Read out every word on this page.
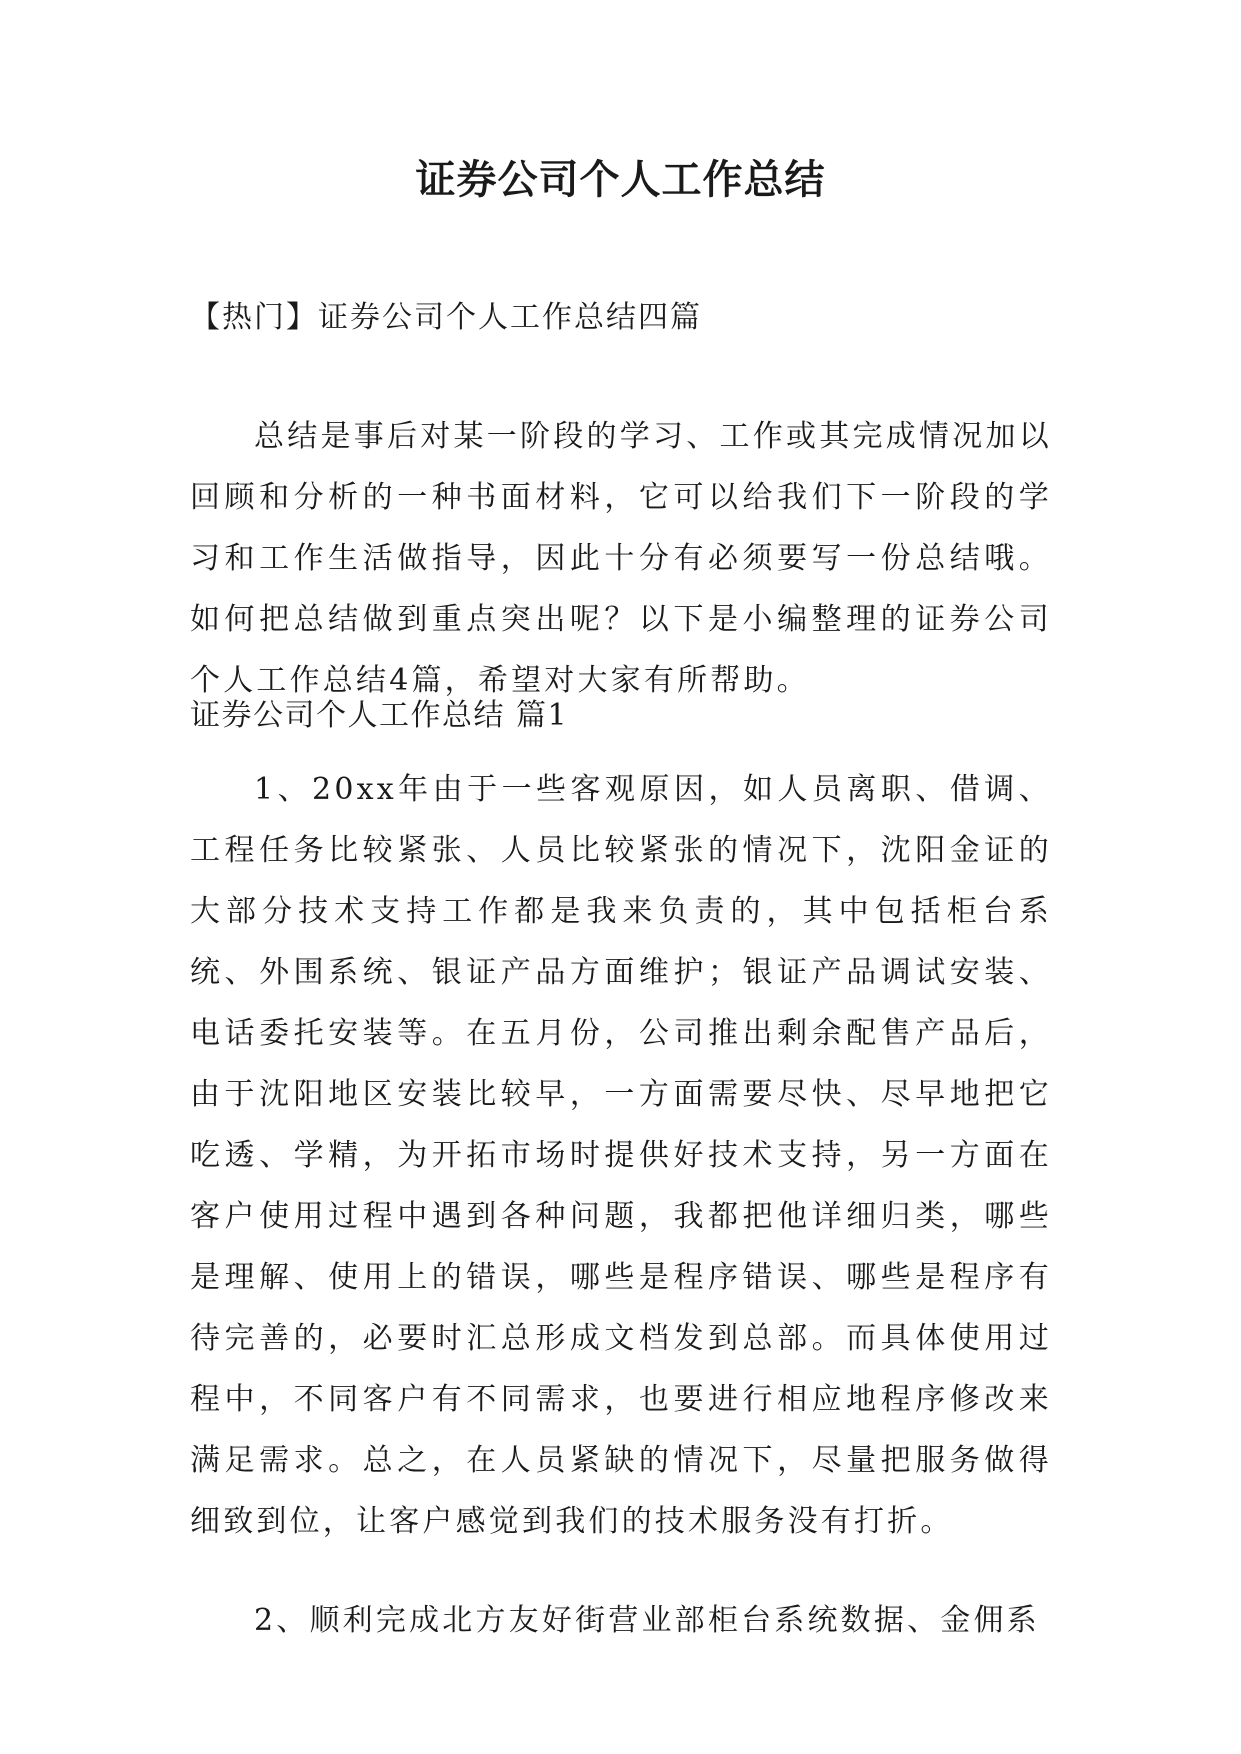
证券公司个人工作总结
【热门】证券公司个人工作总结四篇

总结是事后对某一阶段的学习、工作或其完成情况加以回顾和分析的一种书面材料，它可以给我们下一阶段的学习和工作生活做指导，因此十分有必须要写一份总结哦。如何把总结做到重点突出呢？以下是小编整理的证券公司个人工作总结4篇，希望对大家有所帮助。

证券公司个人工作总结 篇1

1、20xx年由于一些客观原因，如人员离职、借调、工程任务比较紧张、人员比较紧张的情况下，沈阳金证的大部分技术支持工作都是我来负责的，其中包括柜台系统、外围系统、银证产品方面维护；银证产品调试安装、电话委托安装等。在五月份，公司推出剩余配售产品后，由于沈阳地区安装比较早，一方面需要尽快、尽早地把它吃透、学精，为开拓市场时提供好技术支持，另一方面在客户使用过程中遇到各种问题，我都把他详细归类，哪些是理解、使用上的错误，哪些是程序错误、哪些是程序有待完善的，必要时汇总形成文档发到总部。而具体使用过程中，不同客户有不同需求，也要进行相应地程序修改来满足需求。总之，在人员紧缺的情况下，尽量把服务做得细致到位，让客户感觉到我们的技术服务没有打折。

2、顺利完成北方友好街营业部柜台系统数据、金佣系
